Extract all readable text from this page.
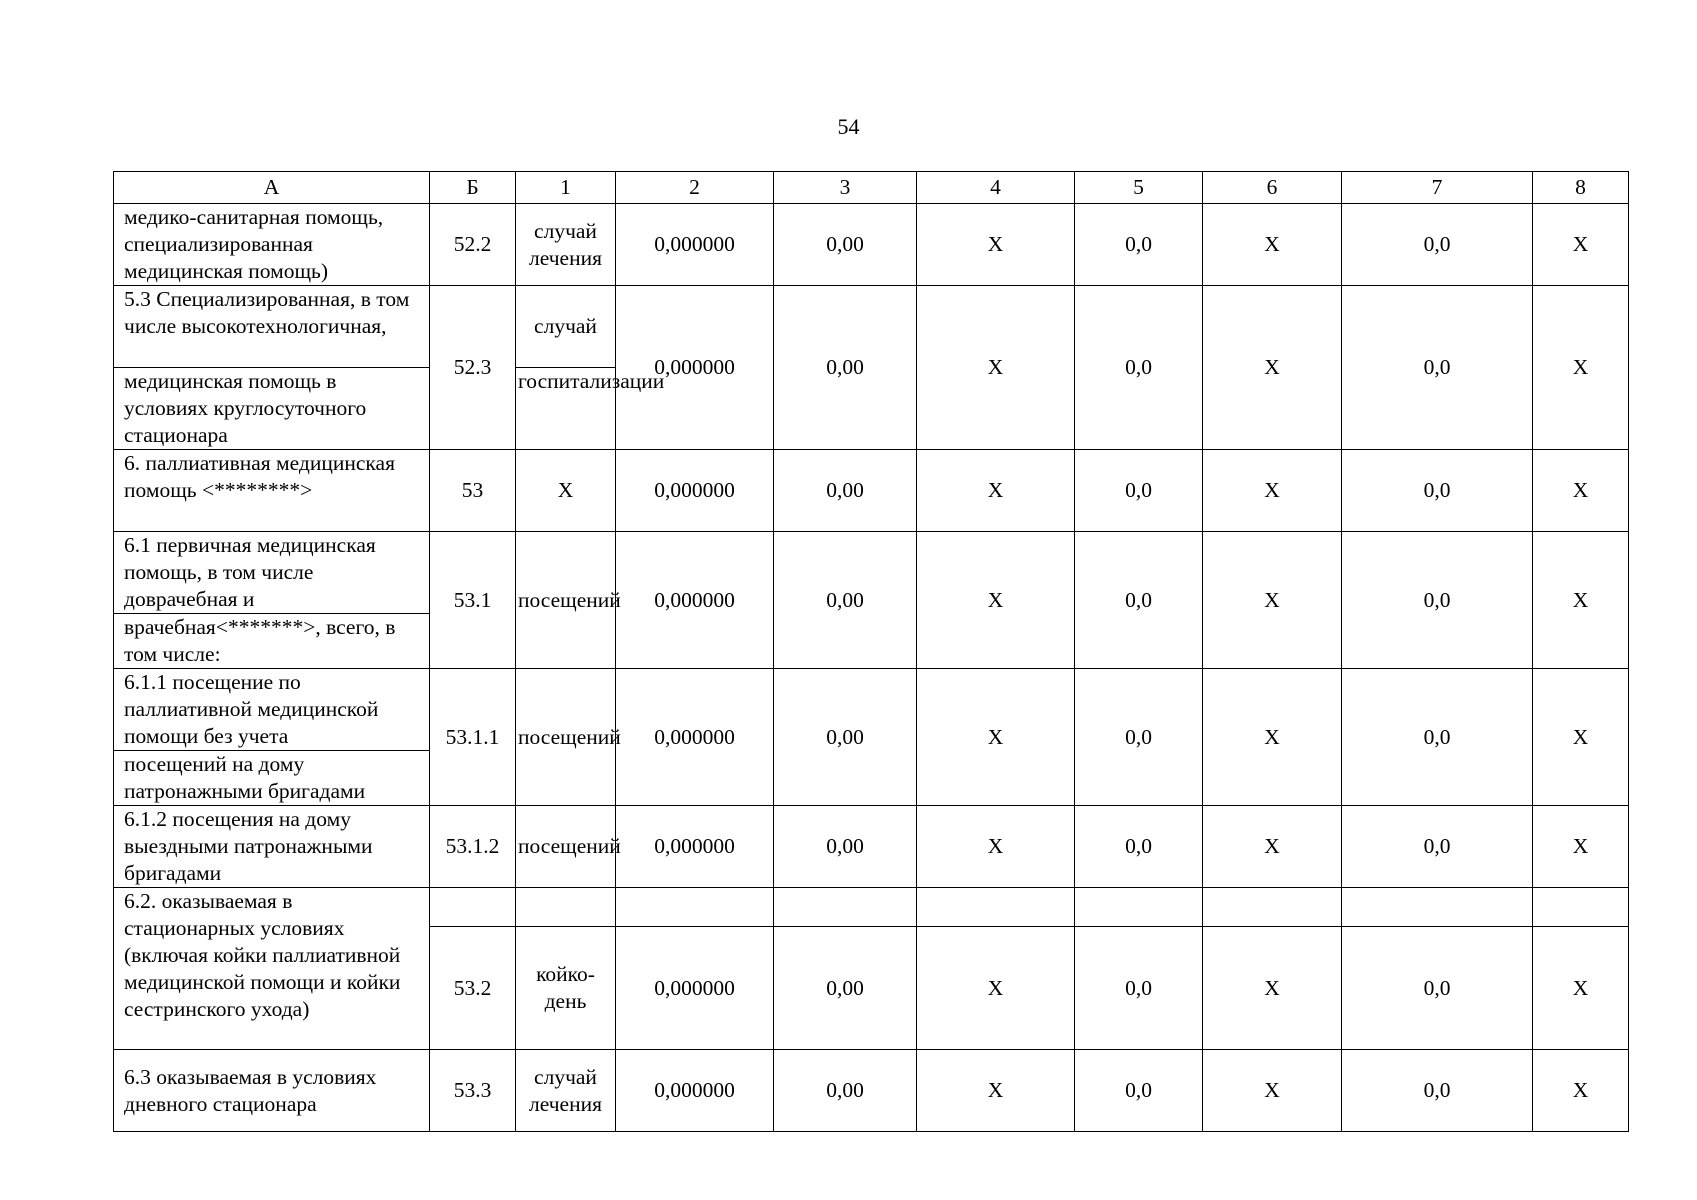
54
А	Б	1	2	3	4	5	6	7	8
медико-санитарная помощь, специализированная медицинская помощь)	52.2	случай лечения	0,000000	0,00	Х	0,0	Х	0,0	Х
5.3 Специализированная, в том числе высокотехнологичная,	52.3	случай	0,000000	0,00	Х	0,0	Х	0,0	Х
медицинская помощь в условиях круглосуточного стационара		госпитализации							
6. паллиативная медицинская помощь <********>	53	Х	0,000000	0,00	Х	0,0	Х	0,0	Х
6.1 первичная медицинская помощь, в том числе доврачебная и	53.1	посещений	0,000000	0,00	Х	0,0	Х	0,0	Х
врачебная<*******>, всего, в том числе:									
6.1.1 посещение по паллиативной медицинской помощи без учета	53.1.1	посещений	0,000000	0,00	Х	0,0	Х	0,0	Х
посещений на дому патронажными бригадами									
6.1.2 посещения на дому выездными патронажными бригадами	53.1.2	посещений	0,000000	0,00	Х	0,0	Х	0,0	Х
6.2. оказываемая в стационарных условиях (включая койки паллиативной медицинской помощи и койки сестринского ухода)									
	53.2	койко-день	0,000000	0,00	Х	0,0	Х	0,0	Х
6.3 оказываемая в условиях дневного стационара	53.3	случай лечения	0,000000	0,00	Х	0,0	Х	0,0	Х
